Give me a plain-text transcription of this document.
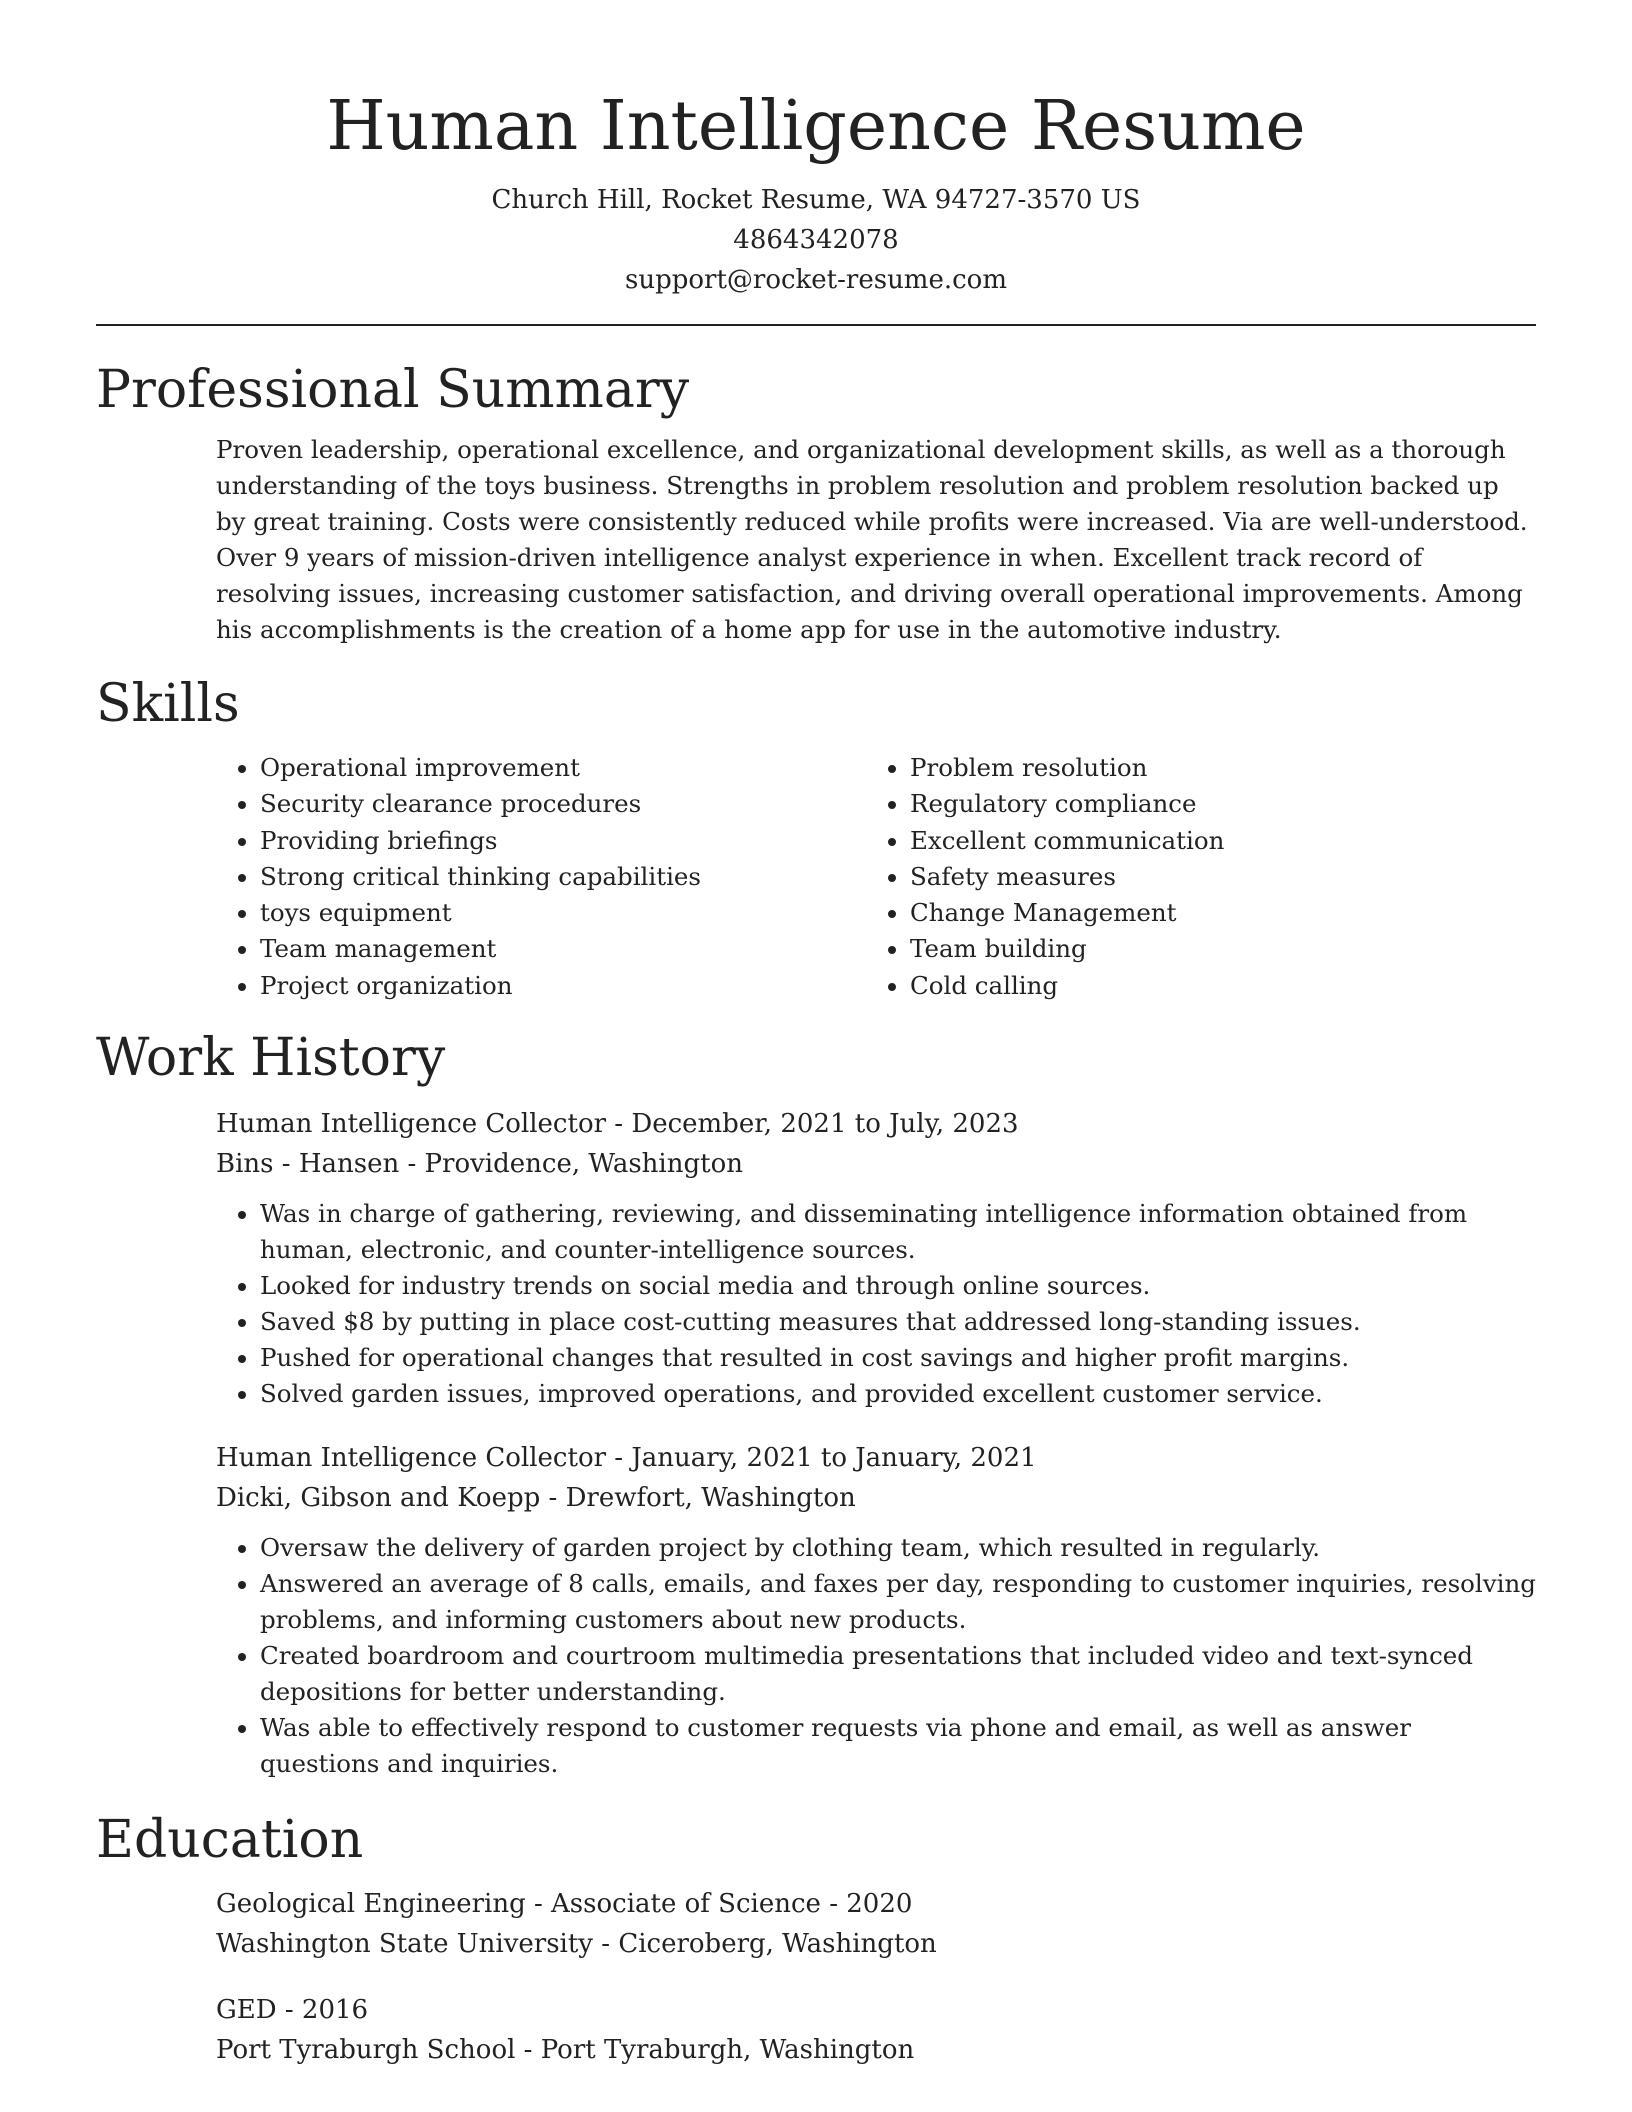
Human Intelligence Resume
Church Hill, Rocket Resume, WA 94727-3570 US
4864342078
support@rocket-resume.com
Professional Summary

Proven leadership, operational excellence, and organizational development skills, as well as a thorough understanding of the toys business. Strengths in problem resolution and problem resolution backed up by great training. Costs were consistently reduced while profits were increased. Via are well-understood. Over 9 years of mission-driven intelligence analyst experience in when. Excellent track record of resolving issues, increasing customer satisfaction, and driving overall operational improvements. Among his accomplishments is the creation of a home app for use in the automotive industry.

Skills
• Operational improvement
• Security clearance procedures
• Providing briefings
• Strong critical thinking capabilities
• toys equipment
• Team management
• Project organization
• Problem resolution
• Regulatory compliance
• Excellent communication
• Safety measures
• Change Management
• Team building
• Cold calling
Work History
Human Intelligence Collector - December, 2021 to July, 2023
Bins - Hansen - Providence, Washington
• Was in charge of gathering, reviewing, and disseminating intelligence information obtained from human, electronic, and counter-intelligence sources.
• Looked for industry trends on social media and through online sources.
• Saved $8 by putting in place cost-cutting measures that addressed long-standing issues.
• Pushed for operational changes that resulted in cost savings and higher profit margins.
• Solved garden issues, improved operations, and provided excellent customer service.
Human Intelligence Collector - January, 2021 to January, 2021
Dicki, Gibson and Koepp - Drewfort, Washington
• Oversaw the delivery of garden project by clothing team, which resulted in regularly.
• Answered an average of 8 calls, emails, and faxes per day, responding to customer inquiries, resolving problems, and informing customers about new products.
• Created boardroom and courtroom multimedia presentations that included video and text-synced depositions for better understanding.
• Was able to effectively respond to customer requests via phone and email, as well as answer questions and inquiries.
Education
Geological Engineering - Associate of Science - 2020
Washington State University - Ciceroberg, Washington
GED - 2016
Port Tyraburgh School - Port Tyraburgh, Washington
